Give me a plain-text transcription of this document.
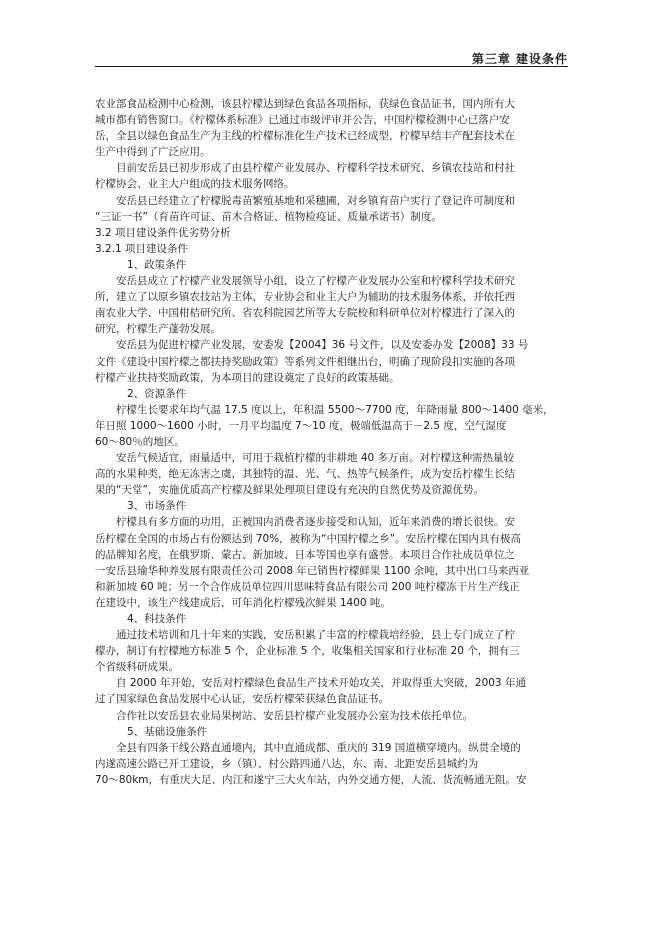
第三章 建设条件
农业部食品检测中心检测，该县柠檬达到绿色食品各项指标，获绿色食品证书，国内所有大
城市都有销售窗口。《柠檬体系标准》已通过市级评审并公告，中国柠檬检测中心已落户安
岳，全县以绿色食品生产为主线的柠檬标准化生产技术已经成型，柠檬早结丰产配套技术在
生产中得到了广泛应用。
目前安岳县已初步形成了由县柠檬产业发展办、柠檬科学技术研究、乡镇农技站和村社
柠檬协会、业主大户组成的技术服务网络。
安岳县已经建立了柠檬脱毒苗繁殖基地和采穗圃，对乡镇育苗户实行了登记许可制度和
“三证一书”（育苗许可证、苗木合格证、植物检疫证、质量承诺书）制度。
3.2 项目建设条件优劣势分析
3.2.1 项目建设条件
1、政策条件
安岳县成立了柠檬产业发展领导小组，设立了柠檬产业发展办公室和柠檬科学技术研究
所，建立了以原乡镇农技站为主体，专业协会和业主大户为辅助的技术服务体系，并依托西
南农业大学、中国柑桔研究所、省农科院园艺所等大专院校和科研单位对柠檬进行了深入的
研究，柠檬生产蓬勃发展。
安岳县为促进柠檬产业发展，安委发【2004】36 号文件，以及安委办发【2008】33 号
文件《建设中国柠檬之都扶持奖励政策》等系列文件相继出台，明确了现阶段扣实施的各项
柠檬产业扶持奖励政策，为本项目的建设奠定了良好的政策基础。
2、资源条件
柠檬生长要求年均气温 17.5 度以上，年积温 5500～7700 度，年降雨量 800～1400 毫米，
年日照 1000～1600 小时，一月平均温度 7～10 度，极端低温高于－2.5 度，空气湿度
60～80％的地区。
安岳气候适宜，雨量适中，可用于栽植柠檬的非耕地 40 多万亩。对柠檬这种需热量较
高的水果种类，绝无冻害之虞，其独特的温、光、气、热等气候条件，成为安岳柠檬生长结
果的“天堂”，实施优质高产柠檬及鲜果处理项目建设有充决的自然优势及资源优势。
3、市场条件
柠檬具有多方面的功用，正被国内消费者逐步接受和认知，近年来消费的增长很快。安
岳柠檬在全国的市场占有份额达到 70%，被称为“中国柠檬之乡”。安岳柠檬在国内具有极高
的品牌知名度，在俄罗斯、蒙古、新加坡、日本等国也享有盛誉。本项目合作社成员单位之
一安岳县瑜华种养发展有限责任公司 2008 年已销售柠檬鲜果 1100 余吨，其中出口马来西亚
和新加坡 60 吨；另一个合作成员单位四川思味特食品有限公司 200 吨柠檬冻干片生产线正
在建设中，该生产线建成后，可年消化柠檬残次鲜果 1400 吨。
4、科技条件
通过技术培训和几十年来的实践，安岳积累了丰富的柠檬栽培经验，县上专门成立了柠
檬办，制订有柠檬地方标准 5 个，企业标准 5 个，收集相关国家和行业标准 20 个，拥有三
个省级科研成果。
自 2000 年开始，安岳对柠檬绿色食品生产技术开始攻关，并取得重大突破，2003 年通
过了国家绿色食品发展中心认证，安岳柠檬荣获绿色食品证书。
合作社以安岳县农业局果树站、安岳县柠檬产业发展办公室为技术依托单位。
5、基础设施条件
全县有四条干线公路直通境内，其中直通成都、重庆的 319 国道横穿境内。纵贯全境的
内遂高速公路已开工建设，乡（镇）、村公路四通八达，东、南、北距安岳县城约为
70～80km，有重庆大足、内江和遂宁三大火车站，内外交通方便，人流、货流畅通无阻。安
